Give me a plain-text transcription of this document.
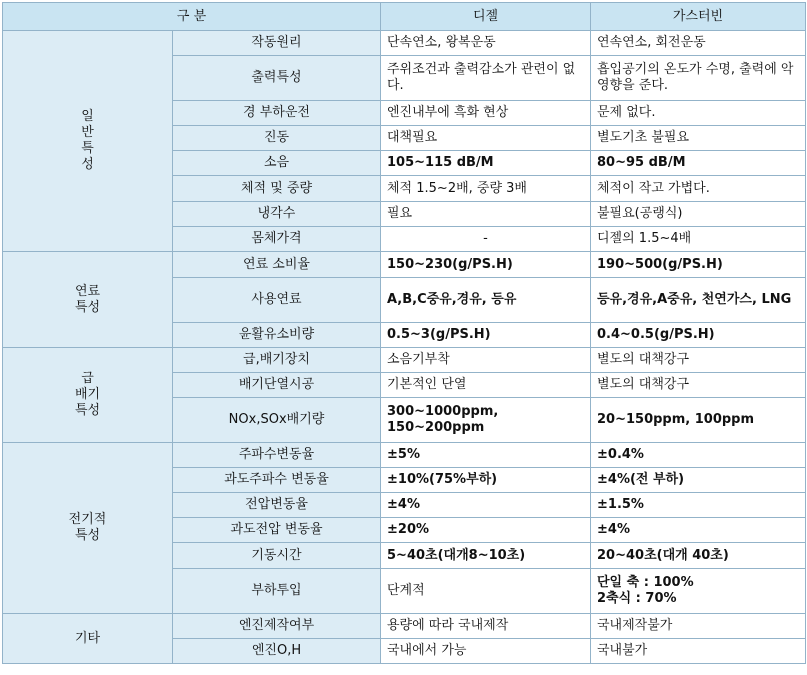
구 분		디젤	가스터빈
일
반
특
성	작동원리	단속연소, 왕복운동	연속연소, 회전운동
	출력특성	주위조건과 출력감소가 관련이 없다.	흡입공기의 온도가 수명, 출력에 악영향을 준다.
	경 부하운전	엔진내부에 흑화 현상	문제 없다.
	진동	대책필요	별도기초 불필요
	소음	105~115 dB/M	80~95 dB/M
	체적 및 중량	체적 1.5~2배, 중량 3배	체적이 작고 가볍다.
	냉각수	필요	불필요(공랭식)
	몸체가격	-	디젤의 1.5~4배
연료
특성	연료 소비율	150~230(g/PS.H)	190~500(g/PS.H)
	사용연료	A,B,C중유,경유, 등유	등유,경유,A중유, 천연가스, LNG
	윤활유소비량	0.5~3(g/PS.H)	0.4~0.5(g/PS.H)
급
배기
특성	급,배기장치	소음기부착	별도의 대책강구
	배기단열시공	기본적인 단열	별도의 대책강구
	NOx,SOx배기량	300~1000ppm, 150~200ppm	20~150ppm, 100ppm
전기적
특성	주파수변동율	±5%	±0.4%
	과도주파수 변동율	±10%(75%부하)	±4%(전 부하)
	전압변동율	±4%	±1.5%
	과도전압 변동율	±20%	±4%
	기동시간	5~40초(대개8~10초)	20~40초(대개 40초)
	부하투입	단계적	단일 축 : 100%
2축식 : 70%
기타	엔진제작여부	용량에 따라 국내제작	국내제작불가
	엔진O,H	국내에서 가능	국내불가
